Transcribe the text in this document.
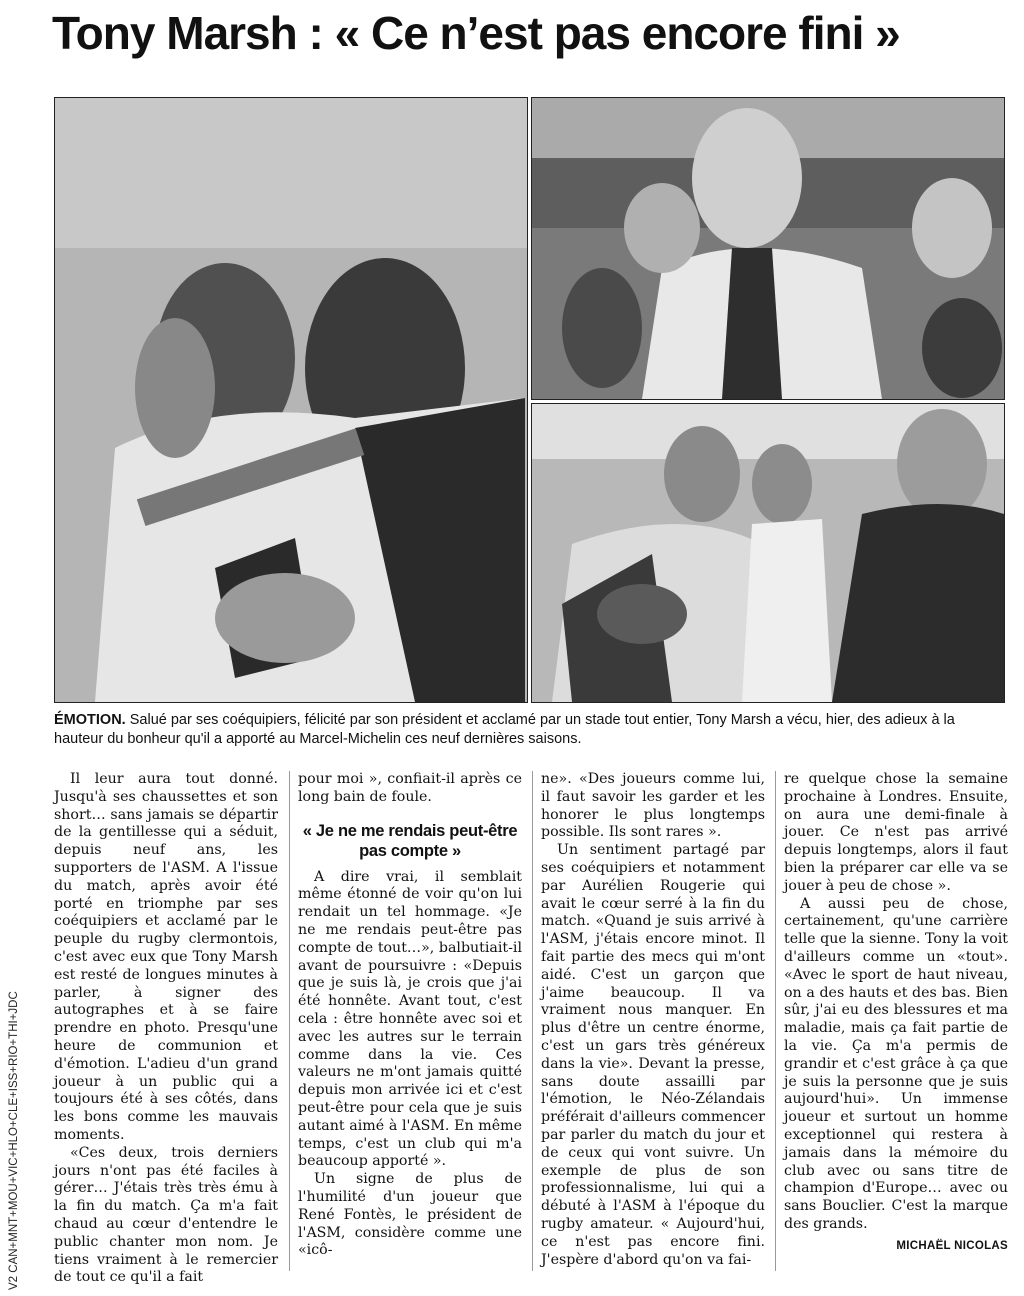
Tony Marsh : « Ce n’est pas encore fini »
ÉMOTION. Salué par ses coéquipiers, félicité par son président et acclamé par un stade tout entier, Tony Marsh a vécu, hier, des adieux à la hauteur du bonheur qu'il a apporté au Marcel-Michelin ces neuf dernières saisons.

Il leur aura tout donné. Jusqu'à ses chaussettes et son short… sans jamais se départir de la gentillesse qui a séduit, depuis neuf ans, les supporters de l'ASM. A l'issue du match, après avoir été porté en triomphe par ses coéquipiers et acclamé par le peuple du rugby clermontois, c'est avec eux que Tony Marsh est resté de longues minutes à parler, à signer des autographes et à se faire prendre en photo. Presqu'une heure de communion et d'émotion. L'adieu d'un grand joueur à un public qui a toujours été à ses côtés, dans les bons comme les mauvais moments.

«Ces deux, trois derniers jours n'ont pas été faciles à gérer… J'étais très très ému à la fin du match. Ça m'a fait chaud au cœur d'entendre le public chanter mon nom. Je tiens vraiment à le remercier de tout ce qu'il a fait

pour moi », confiait-il après ce long bain de foule.

« Je ne me rendais peut-être pas compte »

A dire vrai, il semblait même étonné de voir qu'on lui rendait un tel hommage. «Je ne me rendais peut-être pas compte de tout…», balbutiait-il avant de poursuivre : «Depuis que je suis là, je crois que j'ai été honnête. Avant tout, c'est cela : être honnête avec soi et avec les autres sur le terrain comme dans la vie. Ces valeurs ne m'ont jamais quitté depuis mon arrivée ici et c'est peut-être pour cela que je suis autant aimé à l'ASM. En même temps, c'est un club qui m'a beaucoup apporté ».

Un signe de plus de l'humilité d'un joueur que René Fontès, le président de l'ASM, considère comme une «icô-

ne». «Des joueurs comme lui, il faut savoir les garder et les honorer le plus longtemps possible. Ils sont rares ».

Un sentiment partagé par ses coéquipiers et notamment par Aurélien Rougerie qui avait le cœur serré à la fin du match. «Quand je suis arrivé à l'ASM, j'étais encore minot. Il fait partie des mecs qui m'ont aidé. C'est un garçon que j'aime beaucoup. Il va vraiment nous manquer. En plus d'être un centre énorme, c'est un gars très généreux dans la vie». Devant la presse, sans doute assailli par l'émotion, le Néo-Zélandais préférait d'ailleurs commencer par parler du match du jour et de ceux qui vont suivre. Un exemple de plus de son professionnalisme, lui qui a débuté à l'ASM à l'époque du rugby amateur. « Aujourd'hui, ce n'est pas encore fini. J'espère d'abord qu'on va fai-

re quelque chose la semaine prochaine à Londres. Ensuite, on aura une demi-finale à jouer. Ce n'est pas arrivé depuis longtemps, alors il faut bien la préparer car elle va se jouer à peu de chose ».

A aussi peu de chose, certainement, qu'une carrière telle que la sienne. Tony la voit d'ailleurs comme un «tout». «Avec le sport de haut niveau, on a des hauts et des bas. Bien sûr, j'ai eu des blessures et ma maladie, mais ça fait partie de la vie. Ça m'a permis de grandir et c'est grâce à ça que je suis la personne que je suis aujourd'hui». Un immense joueur et surtout un homme exceptionnel qui restera à jamais dans la mémoire du club avec ou sans titre de champion d'Europe… avec ou sans Bouclier. C'est la marque des grands.

MICHAËL NICOLAS
V2 CAN+MNT+MOU+VIC+HLO+CLE+ISS+RIO+THI+JDC
